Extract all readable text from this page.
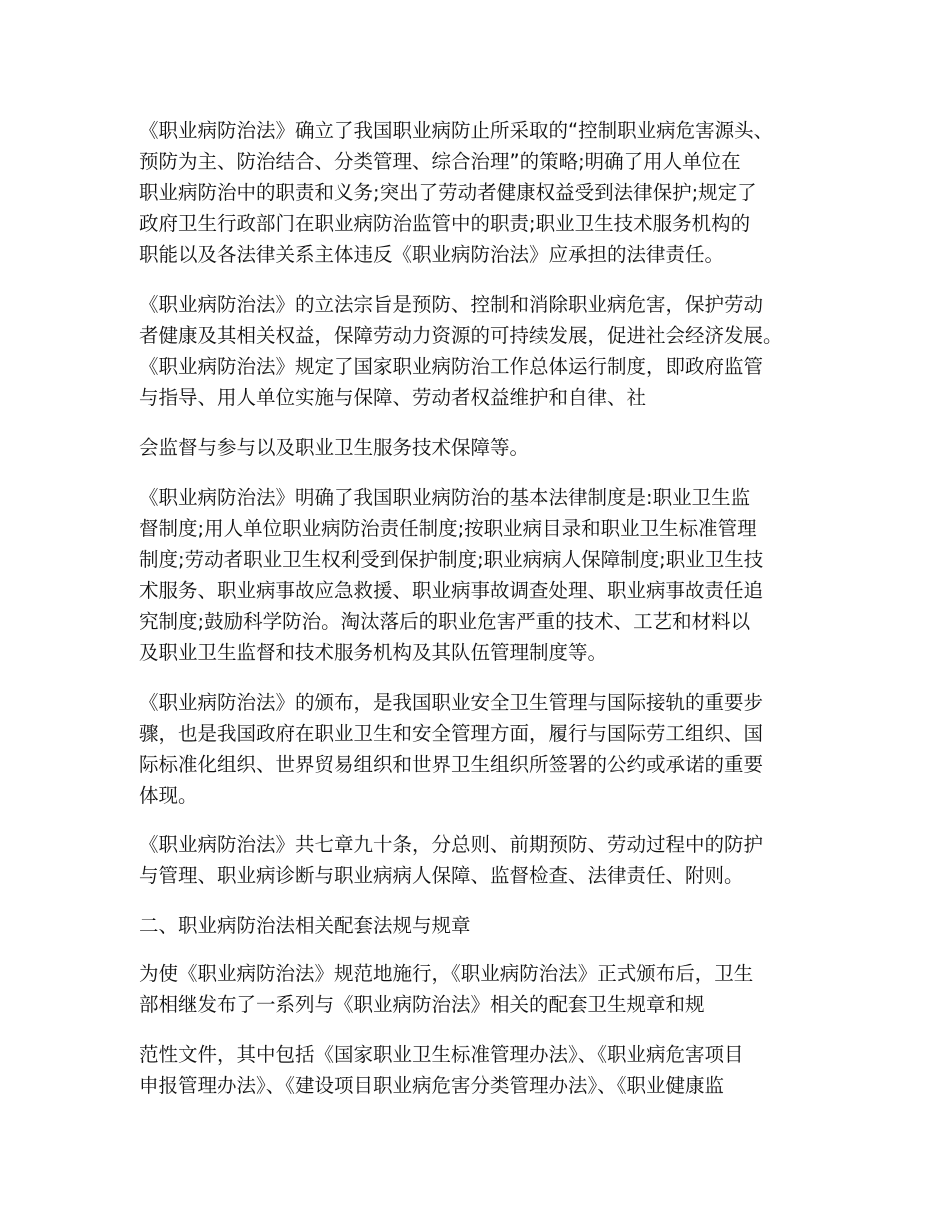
《职业病防治法》确立了我国职业病防止所采取的“控制职业病危害源头、
预防为主、防治结合、分类管理、综合治理”的策略;明确了用人单位在
职业病防治中的职责和义务;突出了劳动者健康权益受到法律保护;规定了
政府卫生行政部门在职业病防治监管中的职责;职业卫生技术服务机构的
职能以及各法律关系主体违反《职业病防治法》应承担的法律责任。

《职业病防治法》的立法宗旨是预防、控制和消除职业病危害，保护劳动
者健康及其相关权益，保障劳动力资源的可持续发展，促进社会经济发展。
《职业病防治法》规定了国家职业病防治工作总体运行制度，即政府监管
与指导、用人单位实施与保障、劳动者权益维护和自律、社

会监督与参与以及职业卫生服务技术保障等。

《职业病防治法》明确了我国职业病防治的基本法律制度是:职业卫生监
督制度;用人单位职业病防治责任制度;按职业病目录和职业卫生标准管理
制度;劳动者职业卫生权利受到保护制度;职业病病人保障制度;职业卫生技
术服务、职业病事故应急救援、职业病事故调查处理、职业病事故责任追
究制度;鼓励科学防治。淘汰落后的职业危害严重的技术、工艺和材料以
及职业卫生监督和技术服务机构及其队伍管理制度等。

《职业病防治法》的颁布，是我国职业安全卫生管理与国际接轨的重要步
骤，也是我国政府在职业卫生和安全管理方面，履行与国际劳工组织、国
际标准化组织、世界贸易组织和世界卫生组织所签署的公约或承诺的重要
体现。

《职业病防治法》共七章九十条，分总则、前期预防、劳动过程中的防护
与管理、职业病诊断与职业病病人保障、监督检查、法律责任、附则。

二、职业病防治法相关配套法规与规章

为使《职业病防治法》规范地施行，《职业病防治法》正式颁布后，卫生
部相继发布了一系列与《职业病防治法》相关的配套卫生规章和规

范性文件，其中包括《国家职业卫生标准管理办法》、《职业病危害项目
申报管理办法》、《建设项目职业病危害分类管理办法》、《职业健康监
